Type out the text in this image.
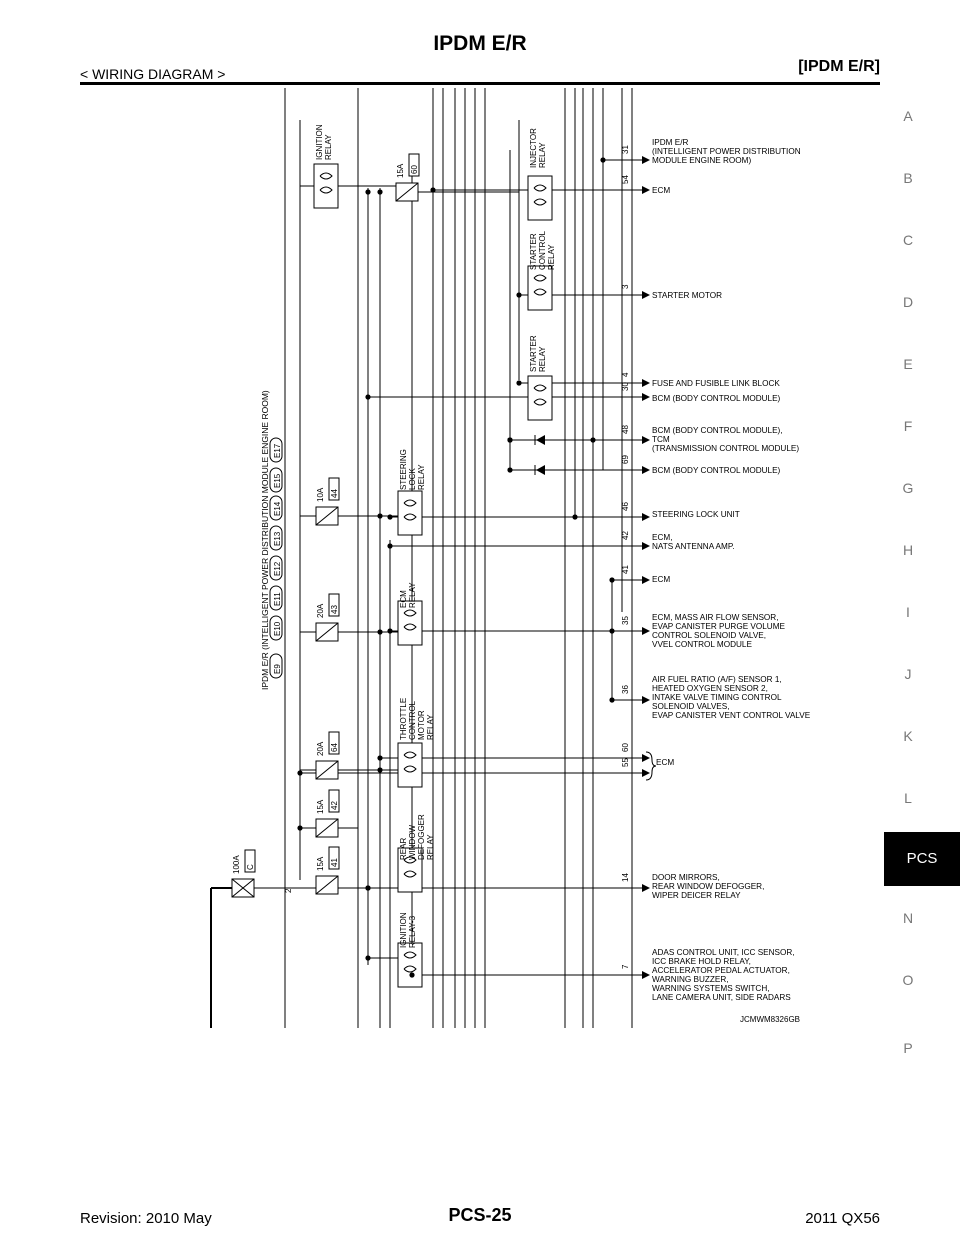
IPDM E/R
< WIRING DIAGRAM >	[IPDM E/R]
A
B
C
D
E
F
G
H
I
J
K
L
N
O
P
PCS
IPDM E/R (INTELLIGENT POWER DISTRIBUTION MODULE ENGINE ROOM) E9
E10
E11
E12
E13
E14
E15
E17
IGNITION RELAY	INJECTOR RELAY
STARTER CONTROL RELAY
STARTER RELAY
STEERING LOCK RELAY
ECM RELAY
THROTTLE CONTROL MOTOR RELAY
REAR WINDOW DEFOGGER RELAY
IGNITION RELAY-3
15A 60
10A 44
20A 43
20A 64
15A 42
15A 41
100A C
2
31
IPDM E/R
(INTELLIGENT POWER DISTRIBUTION
MODULE ENGINE ROOM)
54
ECM
3
STARTER MOTOR
4
FUSE AND FUSIBLE LINK BLOCK
30
BCM (BODY CONTROL MODULE)
48	BCM (BODY CONTROL MODULE),
TCM
(TRANSMISSION CONTROL MODULE)
69
BCM (BODY CONTROL MODULE)
46
STEERING LOCK UNIT
42	ECM,
NATS ANTENNA AMP.
41
ECM
35	ECM, MASS AIR FLOW SENSOR,
EVAP CANISTER PURGE VOLUME
CONTROL SOLENOID VALVE,
VVEL CONTROL MODULE
36
AIR FUEL RATIO (A/F) SENSOR 1,
HEATED OXYGEN SENSOR 2,
INTAKE VALVE TIMING CONTROL
SOLENOID VALVES,
EVAP CANISTER VENT CONTROL VALVE
60
55	ECM
14	DOOR MIRRORS,
REAR WINDOW DEFOGGER,
WIPER DEICER RELAY
7
ADAS CONTROL UNIT, ICC SENSOR,
ICC BRAKE HOLD RELAY,
ACCELERATOR PEDAL ACTUATOR,
WARNING BUZZER,
WARNING SYSTEMS SWITCH,
LANE CAMERA UNIT, SIDE RADARS
JCMWM8326GB
Revision: 2010 May	PCS-25	2011 QX56
